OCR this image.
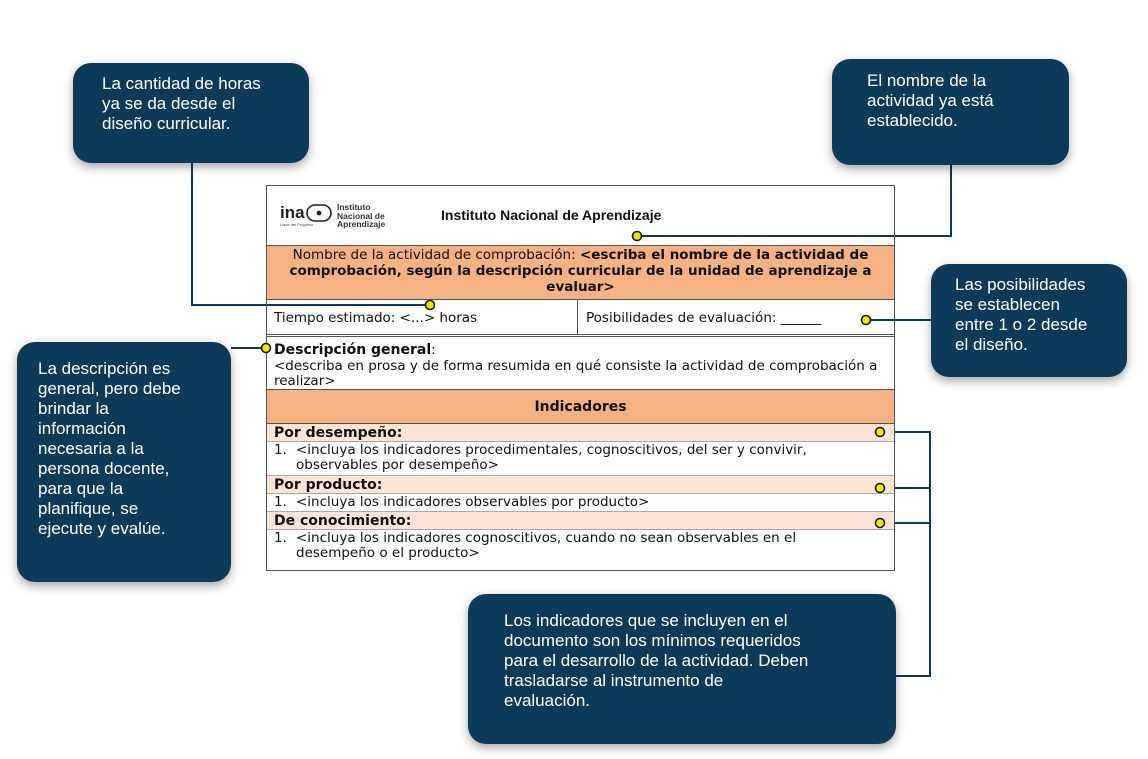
La cantidad de horas
ya se da desde el
diseño curricular.
El nombre de la
actividad ya está
establecido.
Las posibilidades
se establecen
entre 1 o 2 desde
el diseño.
La descripción es
general, pero debe
brindar la
información
necesaria a la
persona docente,
para que la
planifique, se
ejecute y evalúe.
Los indicadores que se incluyen en el
documento son los mínimos requeridos
para el desarrollo de la actividad. Deben
trasladarse al instrumento de
evaluación.
ina
Llave del Progreso
Instituto
Nacional de
Aprendizaje
Instituto Nacional de Aprendizaje
Nombre de la actividad de comprobación: <escriba el nombre de la actividad de comprobación, según la descripción curricular de la unidad de aprendizaje a evaluar>
Tiempo estimado: <...> horas	Posibilidades de evaluación: ______
Descripción general:
<describa en prosa y de forma resumida en qué consiste la actividad de comprobación a realizar>
Indicadores
Por desempeño:
1. <incluya los indicadores procedimentales, cognoscitivos, del ser y convivir, observables por desempeño>
Por producto:
1. <incluya los indicadores observables por producto>
De conocimiento:
1. <incluya los indicadores cognoscitivos, cuando no sean observables en el desempeño o el producto>
